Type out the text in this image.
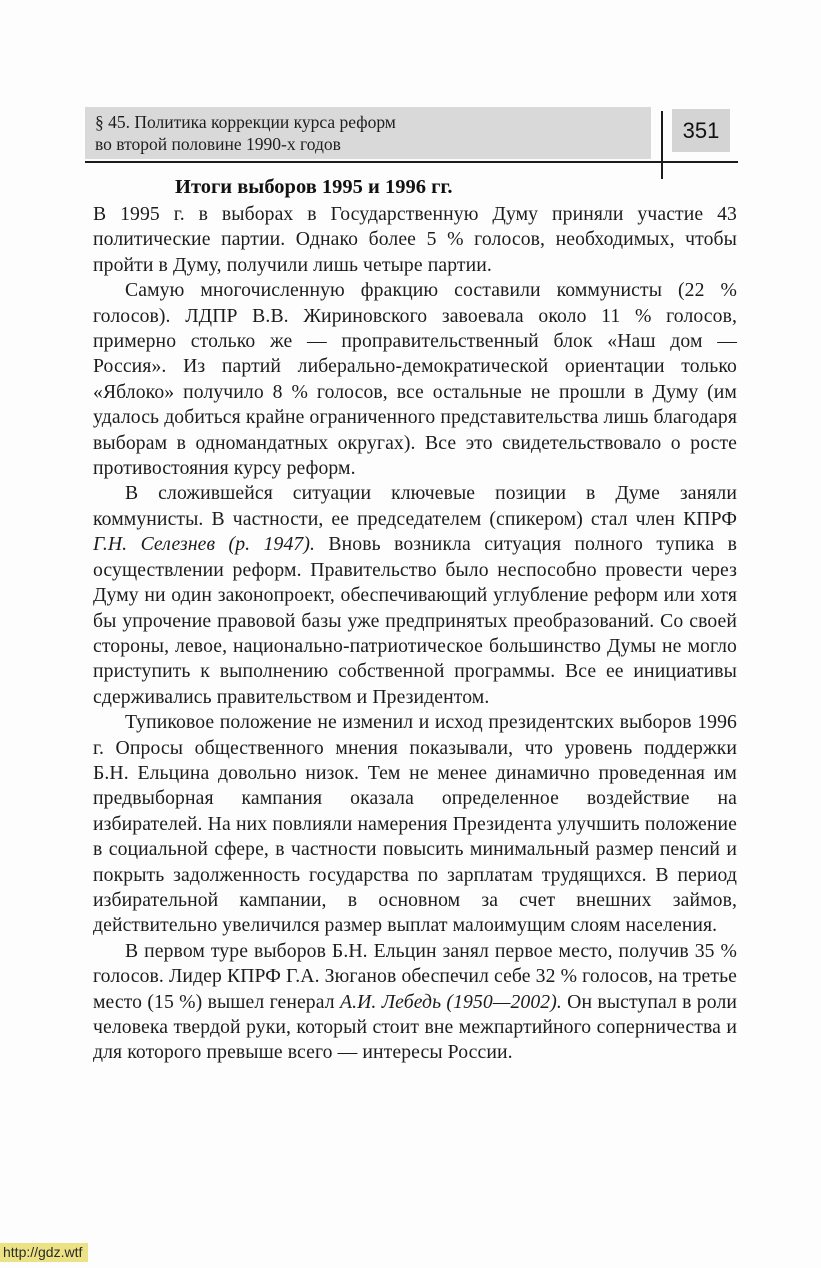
§ 45. Политика коррекции курса реформ
во второй половине 1990-х годов
351
Итоги выборов 1995 и 1996 гг.

В 1995 г. в выборах в Государственную Думу приняли участие 43 политические партии. Однако более 5 % голосов, необходимых, чтобы пройти в Думу, получили лишь четыре партии.

Самую многочисленную фракцию составили коммунисты (22 % голосов). ЛДПР В.В. Жириновского завоевала около 11 % голосов, примерно столько же — проправительственный блок «Наш дом — Россия». Из партий либерально-демократической ориентации только «Яблоко» получило 8 % голосов, все остальные не прошли в Думу (им удалось добиться крайне ограниченного представительства лишь благодаря выборам в одномандатных округах). Все это свидетельствовало о росте противостояния курсу реформ.

В сложившейся ситуации ключевые позиции в Думе заняли коммунисты. В частности, ее председателем (спикером) стал член КПРФ Г.Н. Селезнев (р. 1947). Вновь возникла ситуация полного тупика в осуществлении реформ. Правительство было неспособно провести через Думу ни один законопроект, обеспечивающий углубление реформ или хотя бы упрочение правовой базы уже предпринятых преобразований. Со своей стороны, левое, национально-патриотическое большинство Думы не могло приступить к выполнению собственной программы. Все ее инициативы сдерживались правительством и Президентом.

Тупиковое положение не изменил и исход президентских выборов 1996 г. Опросы общественного мнения показывали, что уровень поддержки Б.Н. Ельцина довольно низок. Тем не менее динамично проведенная им предвыборная кампания оказала определенное воздействие на избирателей. На них повлияли намерения Президента улучшить положение в социальной сфере, в частности повысить минимальный размер пенсий и покрыть задолженность государства по зарплатам трудящихся. В период избирательной кампании, в основном за счет внешних займов, действительно увеличился размер выплат малоимущим слоям населения.

В первом туре выборов Б.Н. Ельцин занял первое место, получив 35 % голосов. Лидер КПРФ Г.А. Зюганов обеспечил себе 32 % голосов, на третье место (15 %) вышел генерал А.И. Лебедь (1950—2002). Он выступал в роли человека твердой руки, который стоит вне межпартийного соперничества и для которого превыше всего — интересы России.

http://gdz.wtf
